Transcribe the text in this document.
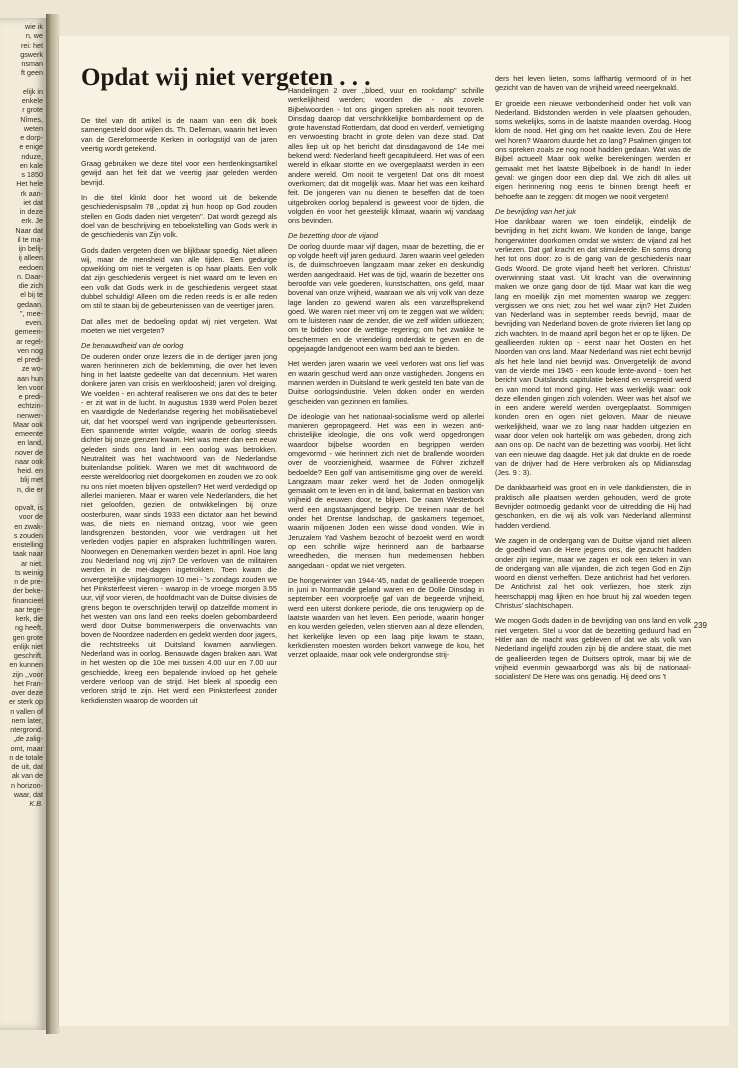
wie ik
n, we
rei: het
gswerk
nsman
ft geen

elijk in
enkele
r grote
Nîmes,
weten
e dorp-
e enige
nduze,
en kale
s 1850
Het hele
rk aan-
iet dat
in deze
erk. Je
Naar dat
il te ma-
ijn belij-
ij alleen
eedoen
n. Daar-
die zich
el bij te
gedaan.
'', mee-
even.
gemeen-
ar regel-
ven nog
el predi-
ze wo-
aan hun
len voor
e predi-
echtzin-
nenwer-
Maar ook
emeente
en land,
nover de
naar ook
heid. en
blij met
n, die er

opvalt, is
voor de
en zwak-
s zouden
enstelling
taak naar
ar niet.
ts weinig
n de pre-
der beke-
financieel
aar tege-
kerk, die
ng heeft,
gen grote
enlijk niet
geschrift.
en kunnen
zijn ,,voor
het Fran-
over deze
er sterk op
n vallen of
nem later,
ntergrond.
„de zalig-
omt, maar
n de totale
de uit, dat
ak van de
n horizon-
waar, dat
K.B.
Opdat wij niet vergeten . . .

De titel van dit artikel is de naam van een dik boek samengesteld door wijlen ds. Th. Delleman, waarin het leven van de Gereformeerde Kerken in oorlogstijd van de jaren veertig wordt getekend.

Graag gebruiken we deze titel voor een herdenkingsartikel gewijd aan het feit dat we veertig jaar geleden werden bevrijd.

In die titel klinkt door het woord uit de bekende geschiedenispsalm 78 ,,opdat zij hun hoop op God zouden stellen en Gods daden niet vergeten''. Dat wordt gezegd als doel van de beschrijving en teboekstelling van Gods werk in de geschiedenis van Zijn volk.

Gods daden vergeten doen we blijkbaar spoedig. Niet alleen wij, maar de mensheid van alle tijden. Een gedurige opwekking om niet te vergeten is op haar plaats. Een volk dat zijn geschiedenis vergeet is niet waard om te leven en een volk dat Gods werk in de geschiedenis vergeet staat dubbel schuldig! Alleen om die reden reeds is er alle reden om stil te staan bij de gebeurtenissen van de veertiger jaren.

Dat alles met de bedoeling opdat wij niet vergeten. Wat moeten we niet vergeten?

De benauwdheid van de oorlog

De ouderen onder onze lezers die in de dertiger jaren jong waren herinneren zich de beklemming, die over het leven hing in het laatste gedeelte van dat decennium. Het waren donkere jaren van crisis en werkloosheid; jaren vol dreiging. We voelden - en achteraf realiseren we ons dat des te beter - er zit wat in de lucht. In augustus 1939 werd Polen bezet en vaardigde de Nederlandse regering het mobilisatiebevel uit, dat het voorspel werd van ingrijpende gebeurtenissen. Een spannende winter volgde, waarin de oorlog steeds dichter bij onze grenzen kwam. Het was meer dan een eeuw geleden sinds ons land in een oorlog was betrokken. Neutraliteit was het wachtwoord van de Nederlandse buitenlandse politiek. Waren we met dit wachtwoord de eerste wereldoorlog niet doorgekomen en zouden we zo ook nu ons niet moeten blijven opstellen? Het werd verdedigd op allerlei manieren. Maar er waren vele Nederlanders, die het niet geloofden, gezien de ontwikkelingen bij onze oosterburen, waar sinds 1933 een dictator aan het bewind was, die niets en niemand ontzag, voor wie geen landsgrenzen bestonden, voor wie verdragen uit het verleden vodjes papier en afspraken luchttrillingen waren. Noorwegen en Denemarken werden bezet in april. Hoe lang zou Nederland nog vrij zijn? De verloven van de militairen werden in de mei-dagen ingetrokken. Toen kwam die onvergetelijke vrijdagmorgen 10 mei - 's zondags zouden we het Pinksterfeest vieren - waarop in de vroege morgen 3.55 uur, vijf voor vieren, de hoofdmacht van de Duitse divisies de grens begon te overschrijden terwijl op datzelfde moment in het westen van ons land een reeks doelen gebombardeerd werd door Duitse bommenwerpers die onverwachts van boven de Noordzee naderden en gedekt werden door jagers, die rechtstreeks uit Duitsland kwamen aanvliegen. Nederland was in oorlog. Benauwde dagen braken aan. Wat in het westen op die 10e mei tussen 4.00 uur en 7.00 uur geschiedde, kreeg een bepalende invloed op het gehele verdere verloop van de strijd. Het bleek al spoedig een verloren strijd te zijn. Het werd een Pinksterfeest zonder kerkdiensten waarop de woorden uit

Handelingen 2 over ,,bloed, vuur en rookdamp'' schrille werkelijkheid werden; woorden die - als zovele Bijbelwoorden - tot ons gingen spreken als nooit tevoren. Dinsdag daarop dat verschrikkelijke bombardement op de grote havenstad Rotterdam, dat dood en verderf, vernietiging en verwoesting bracht in grote delen van deze stad. Dat alles liep uit op het bericht dat dinsdagavond de 14e mei bekend werd: Nederland heeft gecapituleerd. Het was of een wereld in elkaar stortte en we overgeplaatst werden in een andere wereld. Om nooit te vergeten! Dat ons dit moest overkomen; dat dit mogelijk was. Maar het was een keihard feit. De jongeren van nu dienen te beseffen dat de toen uitgebroken oorlog bepalend is geweest voor de tijden, die volgden én voor het geestelijk klimaat, waarin wij vandaag ons bevinden.

De bezetting door de vijand

De oorlog duurde maar vijf dagen, maar de bezetting, die er op volgde heeft vijf jaren geduurd. Jaren waarin veel geleden is, de duimschroeven langzaam maar zeker en deskundig werden aangedraaid. Het was de tijd, waarin de bezetter ons beroofde van vele goederen, kunstschatten, ons geld, maar bovenal van onze vrijheid, waaraan we als vrij volk van deze lage landen zo gewend waren als een vanzelfsprekend goed. We waren niet meer vrij om te zeggen wat we wilden; om te luisteren naar de zender, die we zelf wilden uitkiezen; om te bidden voor de wettige regering; om het zwakke te beschermen en de vriendeling onderdak te geven en de opgejaagde landgenoot een warm bed aan te bieden.

Het werden jaren waarin we veel verloren wat ons lief was en waarin geschud werd aan onze vastigheden. Jongens en mannen werden in Duitsland te werk gesteld ten bate van de Duitse oorlogsindustrie. Velen doken onder en werden gescheiden van gezinnen en families.

De ideologie van het nationaal-socialisme werd op allerlei manieren gepropageerd. Het was een in wezen anti-christelijke ideologie, die ons volk werd opgedrongen waardoor bijbelse woorden en begrippen werden omgevormd - wie herinnert zich niet de brallende woorden over de voorzienigheid, waarmee de Führer zichzelf bedoelde? Een golf van antisemitisme ging over de wereld. Langzaam maar zeker werd het de Joden onmogelijk gemaakt om te leven en in dit land, bakermat en bastion van vrijheid de eeuwen door, te blijven. De naam Westerbork werd een angstaanjagend begrip. De treinen naar de hel onder het Drentse landschap, de gaskamers tegemoet, waarin miljoenen Joden een wisse dood vonden. Wie in Jeruzalem Yad Vashem bezocht of bezoekt werd en wordt op een schrille wijze herinnerd aan de barbaarse wreedheden, die mensen hun medemensen hebben aangedaan - opdat we niet vergeten.

De hongerwinter van 1944-'45, nadat de geallieerde troepen in juni in Normandië geland waren en de Dolle Dinsdag in september een voorproefje gaf van de begeerde vrijheid, werd een uiterst donkere periode, die ons terugwierp op de laatste waarden van het leven. Een periode, waarin honger en kou werden geleden, velen stierven aan al deze ellenden, het kerkelijke leven op een laag pitje kwam te staan, kerkdiensten moesten worden bekort vanwege de kou, het verzet oplaaide, maar ook vele ondergrondse strij-

ders het leven lieten, soms laffhartig vermoord of in het gezicht van de haven van de vrijheid wreed neergeknald.

Er groeide een nieuwe verbondenheid onder het volk van Nederland. Bidstonden werden in vele plaatsen gehouden, soms wekelijks, soms in de laatste maanden overdag. Hoog klom de nood. Het ging om het naakte leven. Zou de Here wel horen? Waarom duurde het zo lang? Psalmen gingen tot ons spreken zoals ze nog nooit hadden gedaan. Wat was de Bijbel actueel! Maar ook welke berekeningen werden er gemaakt met het laatste Bijbelboek in de hand! In ieder geval: we gingen door een diep dal. We zich dit alles uit eigen herinnering nog eens te binnen brengt heeft er behoefte aan te zeggen: dit mogen we nooit vergeten!

De bevrijding van het juk

Hoe dankbaar waren we toen eindelijk, eindelijk de bevrijding in het zicht kwam. We konden de lange, bange hongerwinter doorkomen omdat we wisten: de vijand zal het verliezen. Dat gaf kracht en dat stimuleerde. En soms drong het tot ons door: zo is de gang van de geschiedenis naar Gods Woord. De grote vijand heeft het verloren. Christus' overwinning staat vast. Uit kracht van die overwinning maken we onze gang door de tijd. Maar wat kan die weg lang en moeilijk zijn met momenten waarop we zeggen: vergissen we ons niet; zou het wel waar zijn? Het Zuiden van Nederland was in september reeds bevrijd, maar de bevrijding van Nederland boven de grote rivieren liet lang op zich wachten. In de maand april begon het er op te lijken. De geallieerden rukten op - eerst naar het Oosten en het Noorden van ons land. Maar Nederland was niet echt bevrijd als het hele land niet bevrijd was. Onvergetelijk de avond van de vierde mei 1945 - een koude lente-avond - toen het bericht van Duitslands capitulatie bekend en verspreid werd en van mond tot mond ging. Het was werkelijk waar: ook deze ellenden gingen zich volenden. Weer was het alsof we in een andere wereld werden overgeplaatst. Sommigen konden oren en ogen niet geloven. Maar de nieuwe werkelijkheid, waar we zo lang naar hadden uitgezien en waar door velen ook hartelijk om was gebeden, drong zich aan ons op. De nacht van de bezetting was voorbij. Het licht van een nieuwe dag daagde. Het juk dat drukte en de roede van de drijver had de Here verbroken als op Midiansdag (Jes. 9 : 3).

De dankbaarheid was groot en in vele dankdiensten, die in praktisch alle plaatsen werden gehouden, werd de grote Bevrijder ootmoedig gedankt voor de uitredding die Hij had geschonken, en die wij als volk van Nederland allerminst hadden verdiend.

We zagen in de ondergang van de Duitse vijand niet alleen de goedheid van de Here jegens ons, die gezucht hadden onder zijn regime, maar we zagen er ook een teken in van de ondergang van alle vijanden, die zich tegen God en Zijn woord en dienst verheffen. Deze antichrist had het verloren. De Antichrist zal het ook verliezen, hoe sterk zijn heerschappij mag lijken en hoe bruut hij zal woeden tegen Christus' slachtschapen.

We mogen Gods daden in de bevrijding van ons land en volk niet vergeten. Stel u voor dat de bezetting geduurd had en Hitler aan de macht was gebleven of dat we als volk van Nederland ingelijfd zouden zijn bij die andere staat, die met de geallieerden tegen de Duitsers optrok, maar bij wie de vrijheid evenmin gewaarborgd was als bij de nationaal-socialisten! De Here was ons genadig. Hij deed ons 't

239
